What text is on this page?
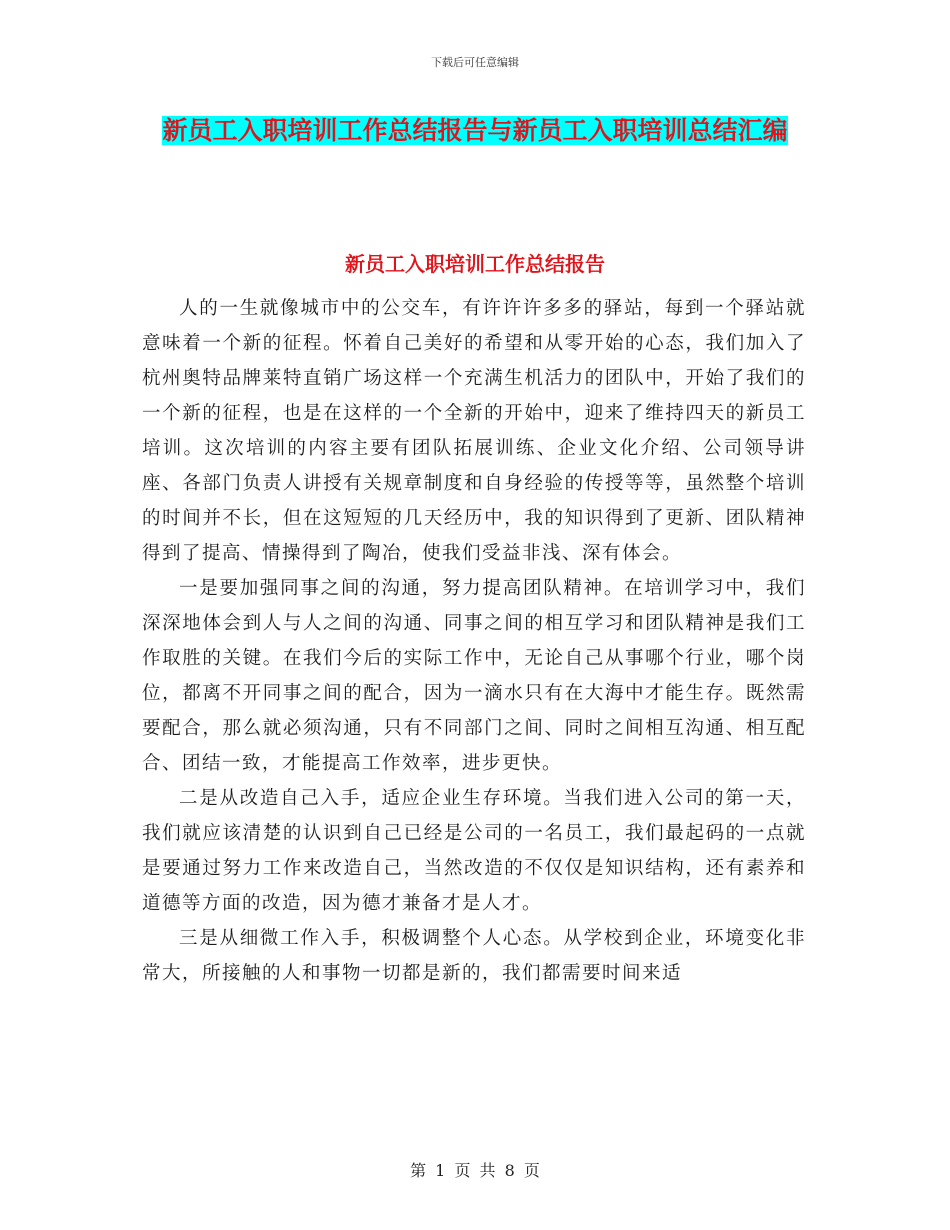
下载后可任意编辑
新员工入职培训工作总结报告与新员工入职培训总结汇编
新员工入职培训工作总结报告

人的一生就像城市中的公交车，有许许许多多的驿站，每到一个驿站就意味着一个新的征程。怀着自己美好的希望和从零开始的心态，我们加入了杭州奥特品牌莱特直销广场这样一个充满生机活力的团队中，开始了我们的一个新的征程，也是在这样的一个全新的开始中，迎来了维持四天的新员工培训。这次培训的内容主要有团队拓展训练、企业文化介绍、公司领导讲座、各部门负责人讲授有关规章制度和自身经验的传授等等，虽然整个培训的时间并不长，但在这短短的几天经历中，我的知识得到了更新、团队精神得到了提高、情操得到了陶冶，使我们受益非浅、深有体会。

一是要加强同事之间的沟通，努力提高团队精神。在培训学习中，我们深深地体会到人与人之间的沟通、同事之间的相互学习和团队精神是我们工作取胜的关键。在我们今后的实际工作中，无论自己从事哪个行业，哪个岗位，都离不开同事之间的配合，因为一滴水只有在大海中才能生存。既然需要配合，那么就必须沟通，只有不同部门之间、同时之间相互沟通、相互配合、团结一致，才能提高工作效率，进步更快。

二是从改造自己入手，适应企业生存环境。当我们进入公司的第一天，我们就应该清楚的认识到自己已经是公司的一名员工，我们最起码的一点就是要通过努力工作来改造自己，当然改造的不仅仅是知识结构，还有素养和道德等方面的改造，因为德才兼备才是人才。

三是从细微工作入手，积极调整个人心态。从学校到企业，环境变化非常大，所接触的人和事物一切都是新的，我们都需要时间来适

第 1 页 共 8 页
